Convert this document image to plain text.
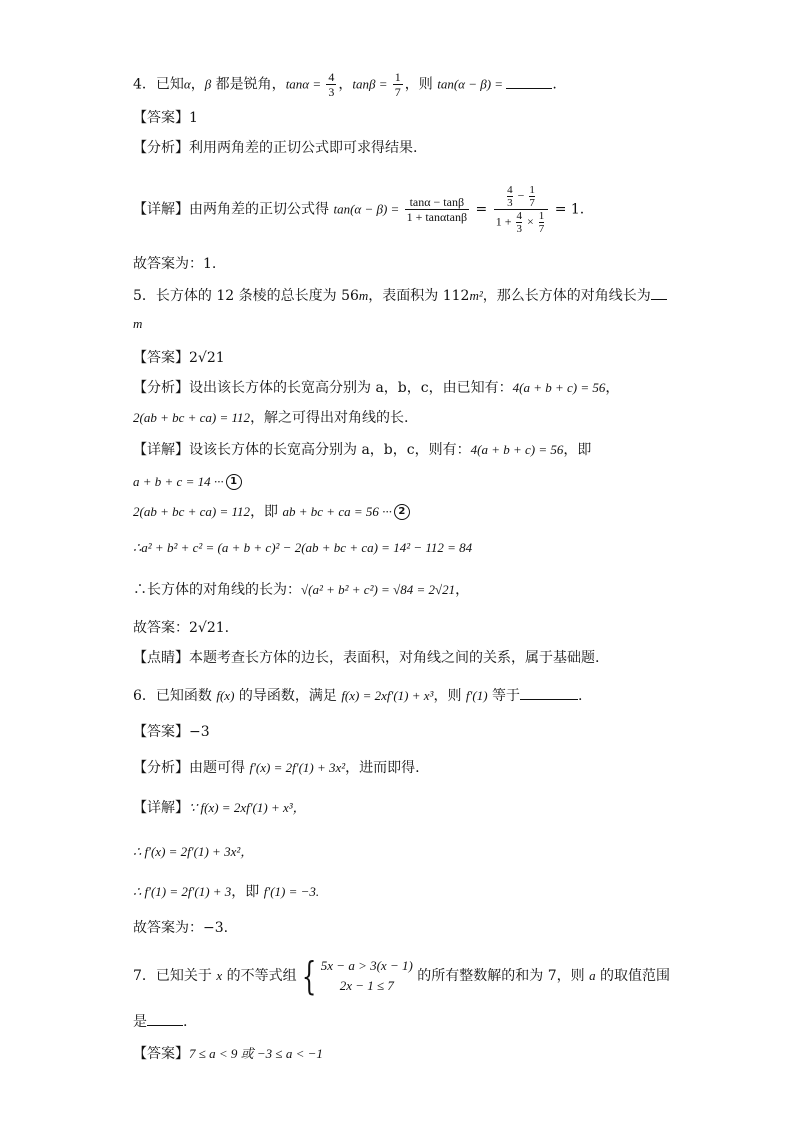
4．已知α，β 都是锐角，$\tan\alpha = \frac{4}{3}$ ，$\tan\beta = \frac{1}{7}$ ，则 tan(α − β) =	.
【答案】1
【分析】利用两角差的正切公式即可求得结果.
【详解】由两角差的正切公式得 $\tan(\alpha - \beta) = \frac{\tan\alpha - \tan\beta}{1 + \tan\alpha\tan\beta} = \frac{\frac{4}{3} - \frac{1}{7}}{1 + \frac{4}{3} \times \frac{1}{7}} = 1$.
故答案为：1.
5．长方体的 12 条棱的总长度为 56m，表面积为 112m²，那么长方体的对角线长为
m
【答案】2√21
【分析】设出该长方体的长宽高分别为 a，b，c，由已知有：4(a + b + c) = 56，
2(ab + bc + ca) = 112，解之可得出对角线的长.
【详解】设该长方体的长宽高分别为 a，b，c，则有：4(a + b + c) = 56，即
a + b + c = 14 ··· 1
2(ab + bc + ca) = 112，即 ab + bc + ca = 56 ··· 2
∴a² + b² + c² = (a + b + c)² − 2(ab + bc + ca) = 14² − 112 = 84
∴长方体的对角线的长为：√(a² + b² + c²) = √84 = 2√21，
故答案：2√21.
【点睛】本题考查长方体的边长，表面积，对角线之间的关系，属于基础题.
6．已知函数 f(x) 的导函数，满足 f(x) = 2xf′(1) + x³，则 f′(1) 等于	.
【答案】−3
【分析】由题可得 f′(x) = 2f′(1) + 3x²，进而即得.
【详解】∵ f(x) = 2xf′(1) + x³，
∴ f′(x) = 2f′(1) + 3x²，
∴ f′(1) = 2f′(1) + 3，即 f′(1) = −3.
故答案为：−3.
7．已知关于 x 的不等式组 { 5x − a > 3(x − 1)
2x − 1 ≤ 7
的所有整数解的和为 7，则 a 的取值范围
是	.
【答案】7 ≤ a < 9 或 −3 ≤ a < −1
